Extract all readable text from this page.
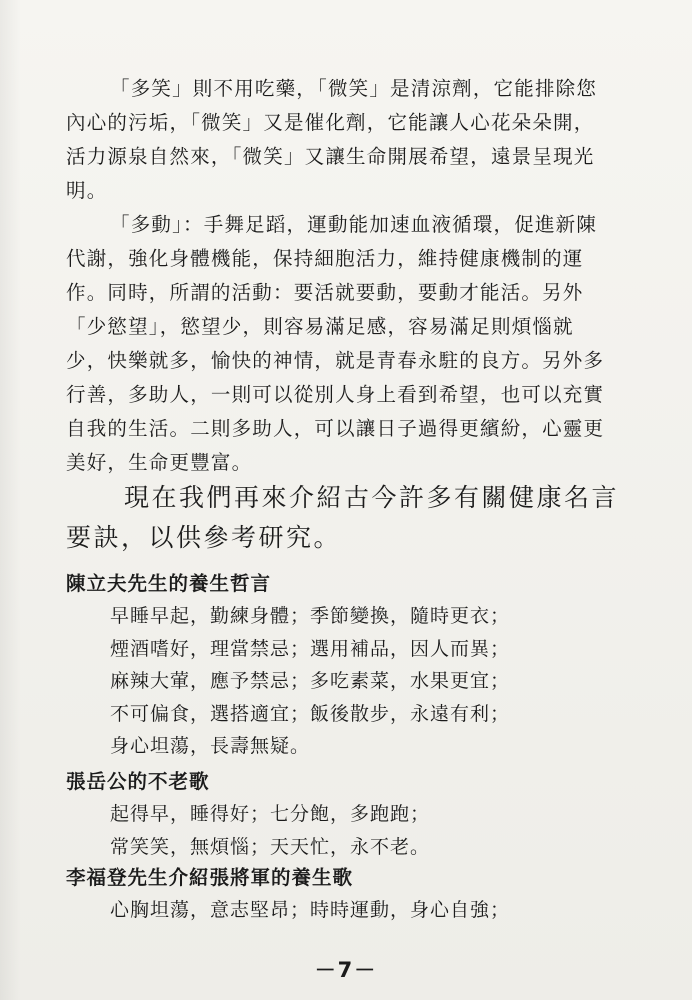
「多笑」則不用吃藥，「微笑」是清涼劑，它能排除您
內心的污垢，「微笑」又是催化劑，它能讓人心花朵朵開，
活力源泉自然來，「微笑」又讓生命開展希望，遠景呈現光
明。
「多動」：手舞足蹈，運動能加速血液循環，促進新陳
代謝，強化身體機能，保持細胞活力，維持健康機制的運
作。同時，所謂的活動：要活就要動，要動才能活。另外
「少慾望」，慾望少，則容易滿足感，容易滿足則煩惱就
少，快樂就多，愉快的神情，就是青春永駐的良方。另外多
行善，多助人，一則可以從別人身上看到希望，也可以充實
自我的生活。二則多助人，可以讓日子過得更繽紛，心靈更
美好，生命更豐富。
現在我們再來介紹古今許多有關健康名言
要訣，以供參考研究。
陳立夫先生的養生哲言
早睡早起，勤練身體；季節變換，隨時更衣；
煙酒嗜好，理當禁忌；選用補品，因人而異；
麻辣大葷，應予禁忌；多吃素菜，水果更宜；
不可偏食，選搭適宜；飯後散步，永遠有利；
身心坦蕩，長壽無疑。
張岳公的不老歌
起得早，睡得好；七分飽，多跑跑；
常笑笑，無煩惱；天天忙，永不老。
李福登先生介紹張將軍的養生歌
心胸坦蕩，意志堅昂；時時運動，身心自強；
－7－
